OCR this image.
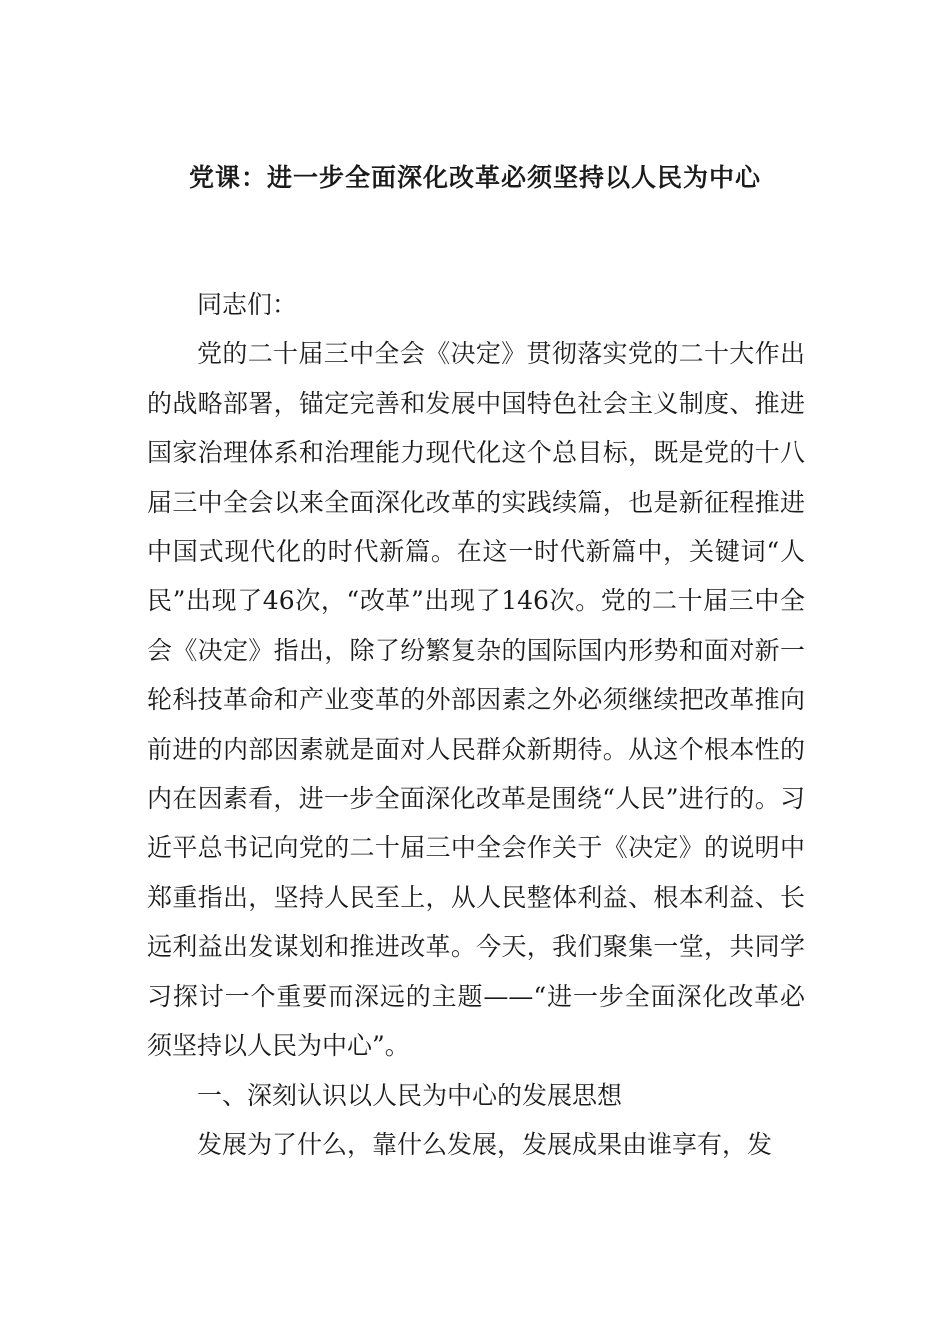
党课：进一步全面深化改革必须坚持以人民为中心

同志们：

党的二十届三中全会《决定》贯彻落实党的二十大作出的战略部署，锚定完善和发展中国特色社会主义制度、推进国家治理体系和治理能力现代化这个总目标，既是党的十八届三中全会以来全面深化改革的实践续篇，也是新征程推进中国式现代化的时代新篇。在这一时代新篇中，关键词“人民”出现了46次，“改革”出现了146次。党的二十届三中全会《决定》指出，除了纷繁复杂的国际国内形势和面对新一轮科技革命和产业变革的外部因素之外必须继续把改革推向前进的内部因素就是面对人民群众新期待。从这个根本性的内在因素看，进一步全面深化改革是围绕“人民”进行的。习近平总书记向党的二十届三中全会作关于《决定》的说明中郑重指出，坚持人民至上，从人民整体利益、根本利益、长远利益出发谋划和推进改革。今天，我们聚集一堂，共同学习探讨一个重要而深远的主题——“进一步全面深化改革必须坚持以人民为中心”。

一、深刻认识以人民为中心的发展思想

发展为了什么，靠什么发展，发展成果由谁享有，发
